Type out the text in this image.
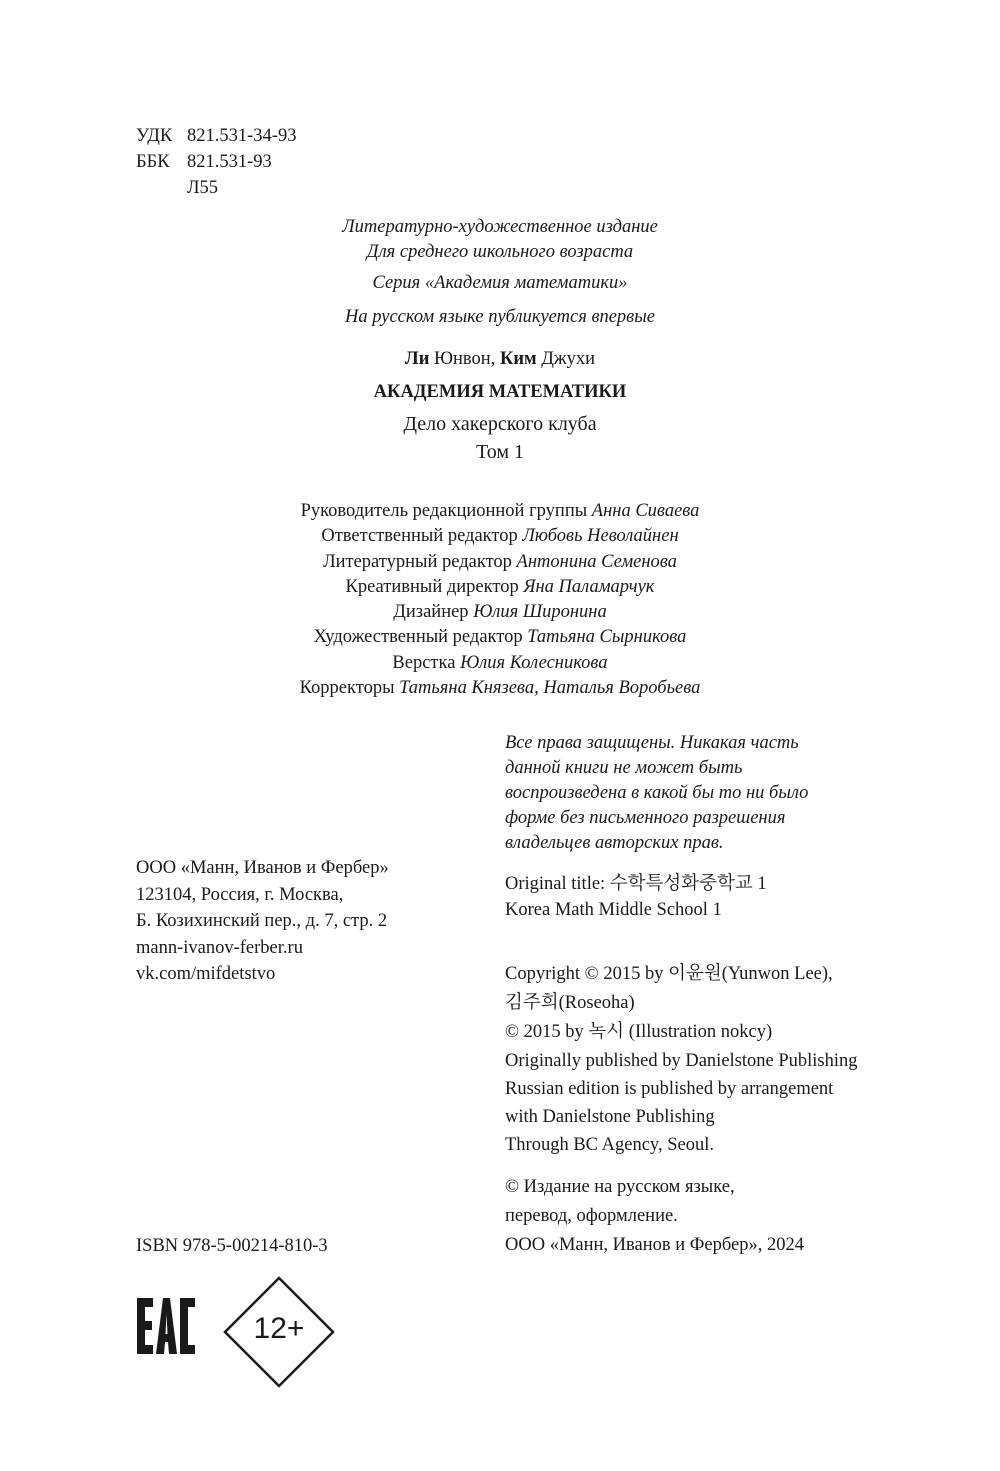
УДК 821.531-34-93
ББК 821.531-93
Л55
Литературно-художественное издание
Для среднего школьного возраста
Серия «Академия математики»
На русском языке публикуется впервые
Ли Юнвон, Ким Джухи
АКАДЕМИЯ МАТЕМАТИКИ
Дело хакерского клуба
Том 1
Руководитель редакционной группы Анна Сиваева
Ответственный редактор Любовь Неволайнен
Литературный редактор Антонина Семенова
Креативный директор Яна Паламарчук
Дизайнер Юлия Широнина
Художественный редактор Татьяна Сырникова
Верстка Юлия Колесникова
Корректоры Татьяна Князева, Наталья Воробьева
Все права защищены. Никакая часть
данной книги не может быть
воспроизведена в какой бы то ни было
форме без письменного разрешения
владельцев авторских прав.
ООО «Манн, Иванов и Фербер»
123104, Россия, г. Москва,
Б. Козихинский пер., д. 7, стр. 2
mann-ivanov-ferber.ru
vk.com/mifdetstvo
Original title: 수학특성화중학교 1
Korea Math Middle School 1
Copyright © 2015 by 이윤원(Yunwon Lee),
김주희(Roseoha)
© 2015 by 녹시 (Illustration nokcy)
Originally published by Danielstone Publishing
Russian edition is published by arrangement
with Danielstone Publishing
Through BC Agency, Seoul.
© Издание на русском языке,
перевод, оформление.
ООО «Манн, Иванов и Фербер», 2024
ISBN 978-5-00214-810-3
12+
